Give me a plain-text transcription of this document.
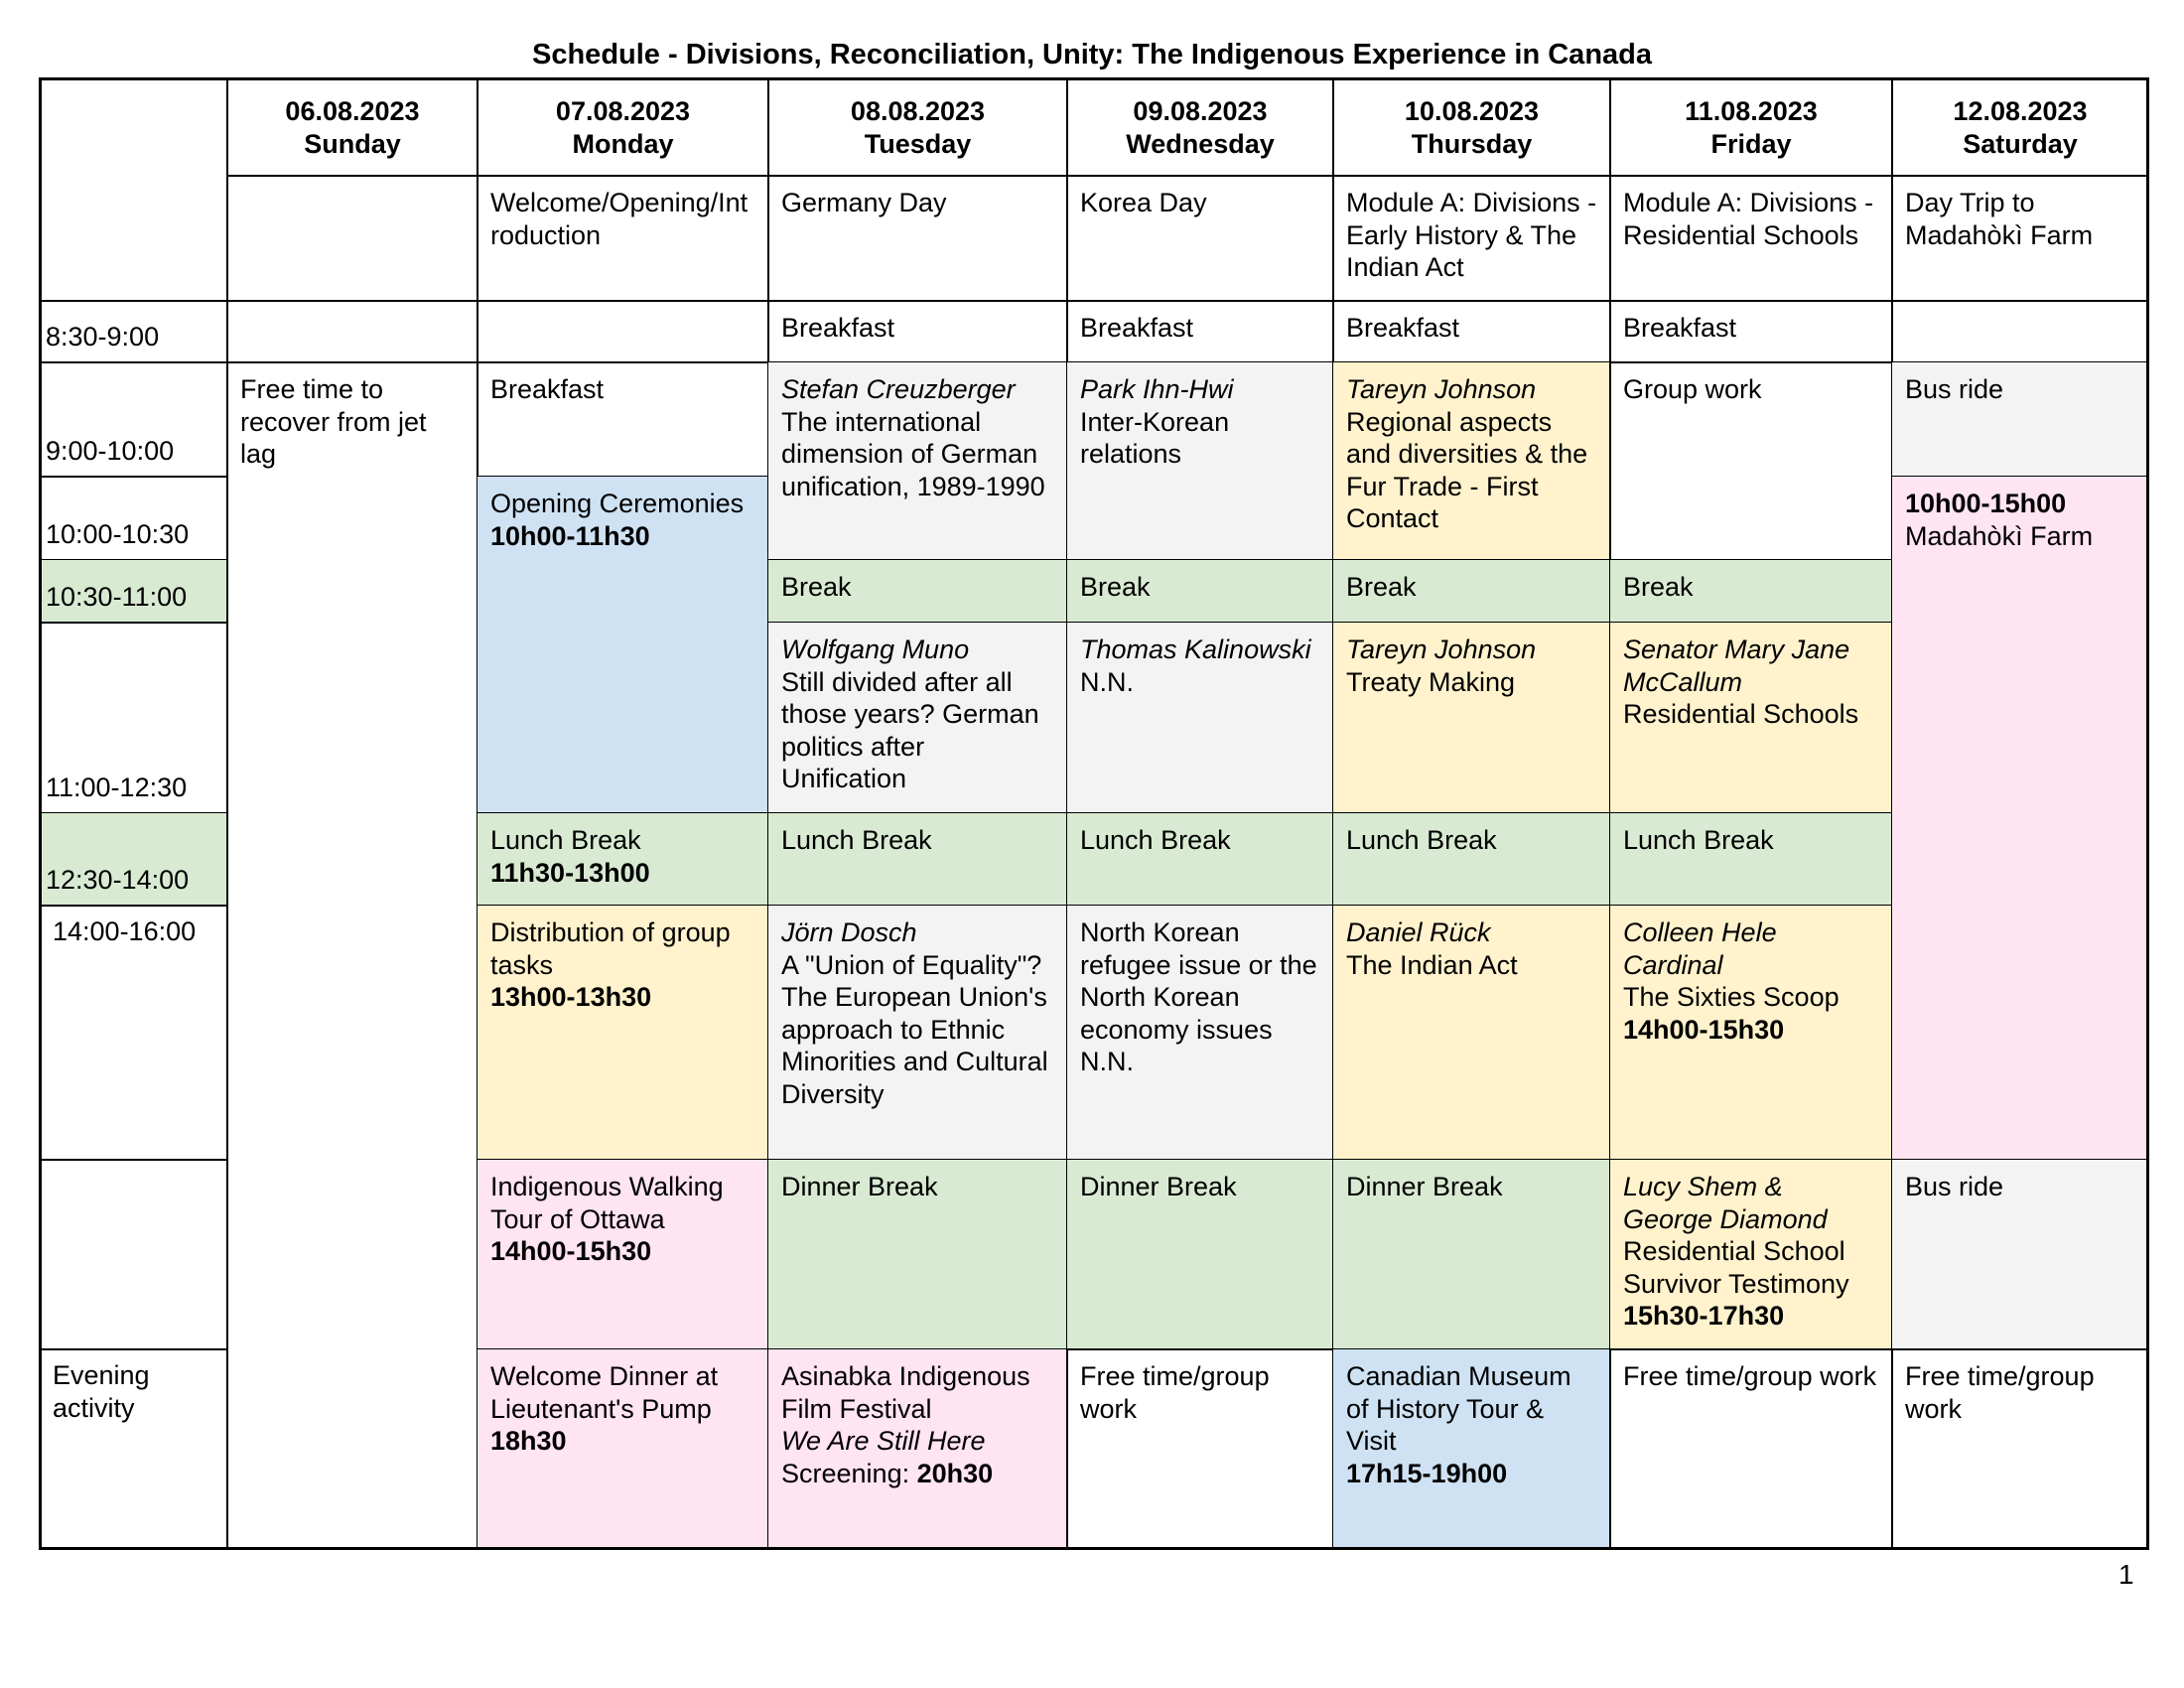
Schedule - Divisions, Reconciliation, Unity: The Indigenous Experience in Canada
06.08.2023
Sunday
07.08.2023
Monday
08.08.2023
Tuesday
09.08.2023
Wednesday
10.08.2023
Thursday
11.08.2023
Friday
12.08.2023
Saturday
Welcome/Opening/Introduction
Germany Day	Korea Day	Module A: Divisions - Early History & The Indian Act
Module A: Divisions - Residential Schools
Day Trip to Madahòkì Farm
8:30-9:00
9:00-10:00
10:00-10:30
10:30-11:00
11:00-12:30
12:30-14:00
14:00-16:00
Evening activity
Free time to recover from jet lag
Breakfast
Opening Ceremonies
10h00-11h30
Lunch Break
11h30-13h00
Distribution of group tasks
13h00-13h30
Indigenous Walking Tour of Ottawa
14h00-15h30
Welcome Dinner at Lieutenant's Pump
18h30
Breakfast
Stefan Creuzberger
The international dimension of German unification, 1989-1990
Break
Wolfgang Muno
Still divided after all those years? German politics after Unification
Lunch Break
Jörn Dosch
A "Union of Equality"? The European Union's approach to Ethnic Minorities and Cultural Diversity
Dinner Break
Asinabka Indigenous Film Festival
We Are Still Here
Screening: 20h30
Breakfast
Park Ihn-Hwi
Inter-Korean relations
Break
Thomas Kalinowski
N.N.
Lunch Break
North Korean refugee issue or the North Korean economy issues
N.N.
Dinner Break
Free time/group work
Breakfast
Tareyn Johnson
Regional aspects and diversities & the Fur Trade - First Contact
Break
Tareyn Johnson
Treaty Making
Lunch Break
Daniel Rück
The Indian Act
Dinner Break
Canadian Museum of History Tour & Visit
17h15-19h00
Breakfast
Group work
Break
Senator Mary Jane McCallum
Residential Schools
Lunch Break
Colleen Hele Cardinal
The Sixties Scoop
14h00-15h30
Lucy Shem & George Diamond
Residential School Survivor Testimony
15h30-17h30
Free time/group work
Bus ride
10h00-15h00
Madahòkì Farm
Bus ride
Free time/group work
1
